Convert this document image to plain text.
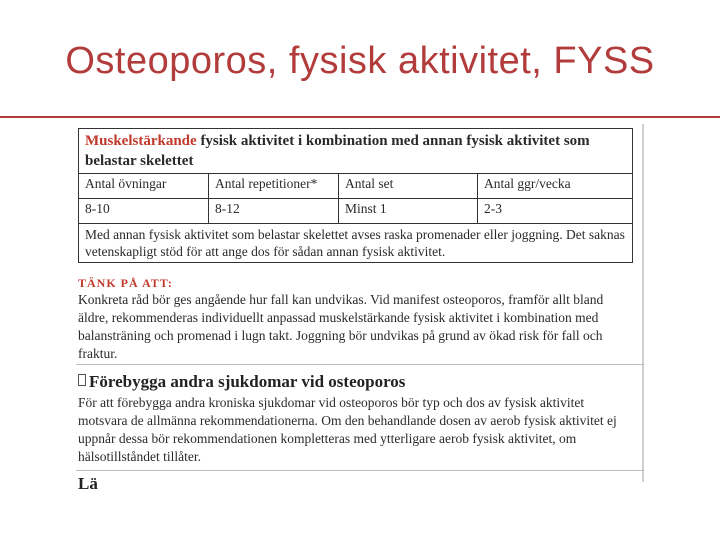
Osteoporos, fysisk aktivitet, FYSS
Muskelstärkande fysisk aktivitet i kombination med annan fysisk aktivitet som belastar skelettet			
Antal övningar	Antal repetitioner*	Antal set	Antal ggr/vecka
8-10	8-12	Minst 1	2-3
Med annan fysisk aktivitet som belastar skelettet avses raska promenader eller joggning. Det saknas vetenskapligt stöd för att ange dos för sådan annan fysisk aktivitet.			
TÄNK PÅ ATT:
Konkreta råd bör ges angående hur fall kan undvikas. Vid manifest osteoporos, framför allt bland äldre, rekommenderas individuellt anpassad muskelstärkande fysisk aktivitet i kombination med balansträning och promenad i lugn takt. Joggning bör undvikas på grund av ökad risk för fall och fraktur.
Förebygga andra sjukdomar vid osteoporos
För att förebygga andra kroniska sjukdomar vid osteoporos bör typ och dos av fysisk aktivitet motsvara de allmänna rekommendationerna. Om den behandlande dosen av aerob fysisk aktivitet ej uppnår dessa bör rekommendationen kompletteras med ytterligare aerob fysisk aktivitet, om hälsotillståndet tillåter.
Lä
